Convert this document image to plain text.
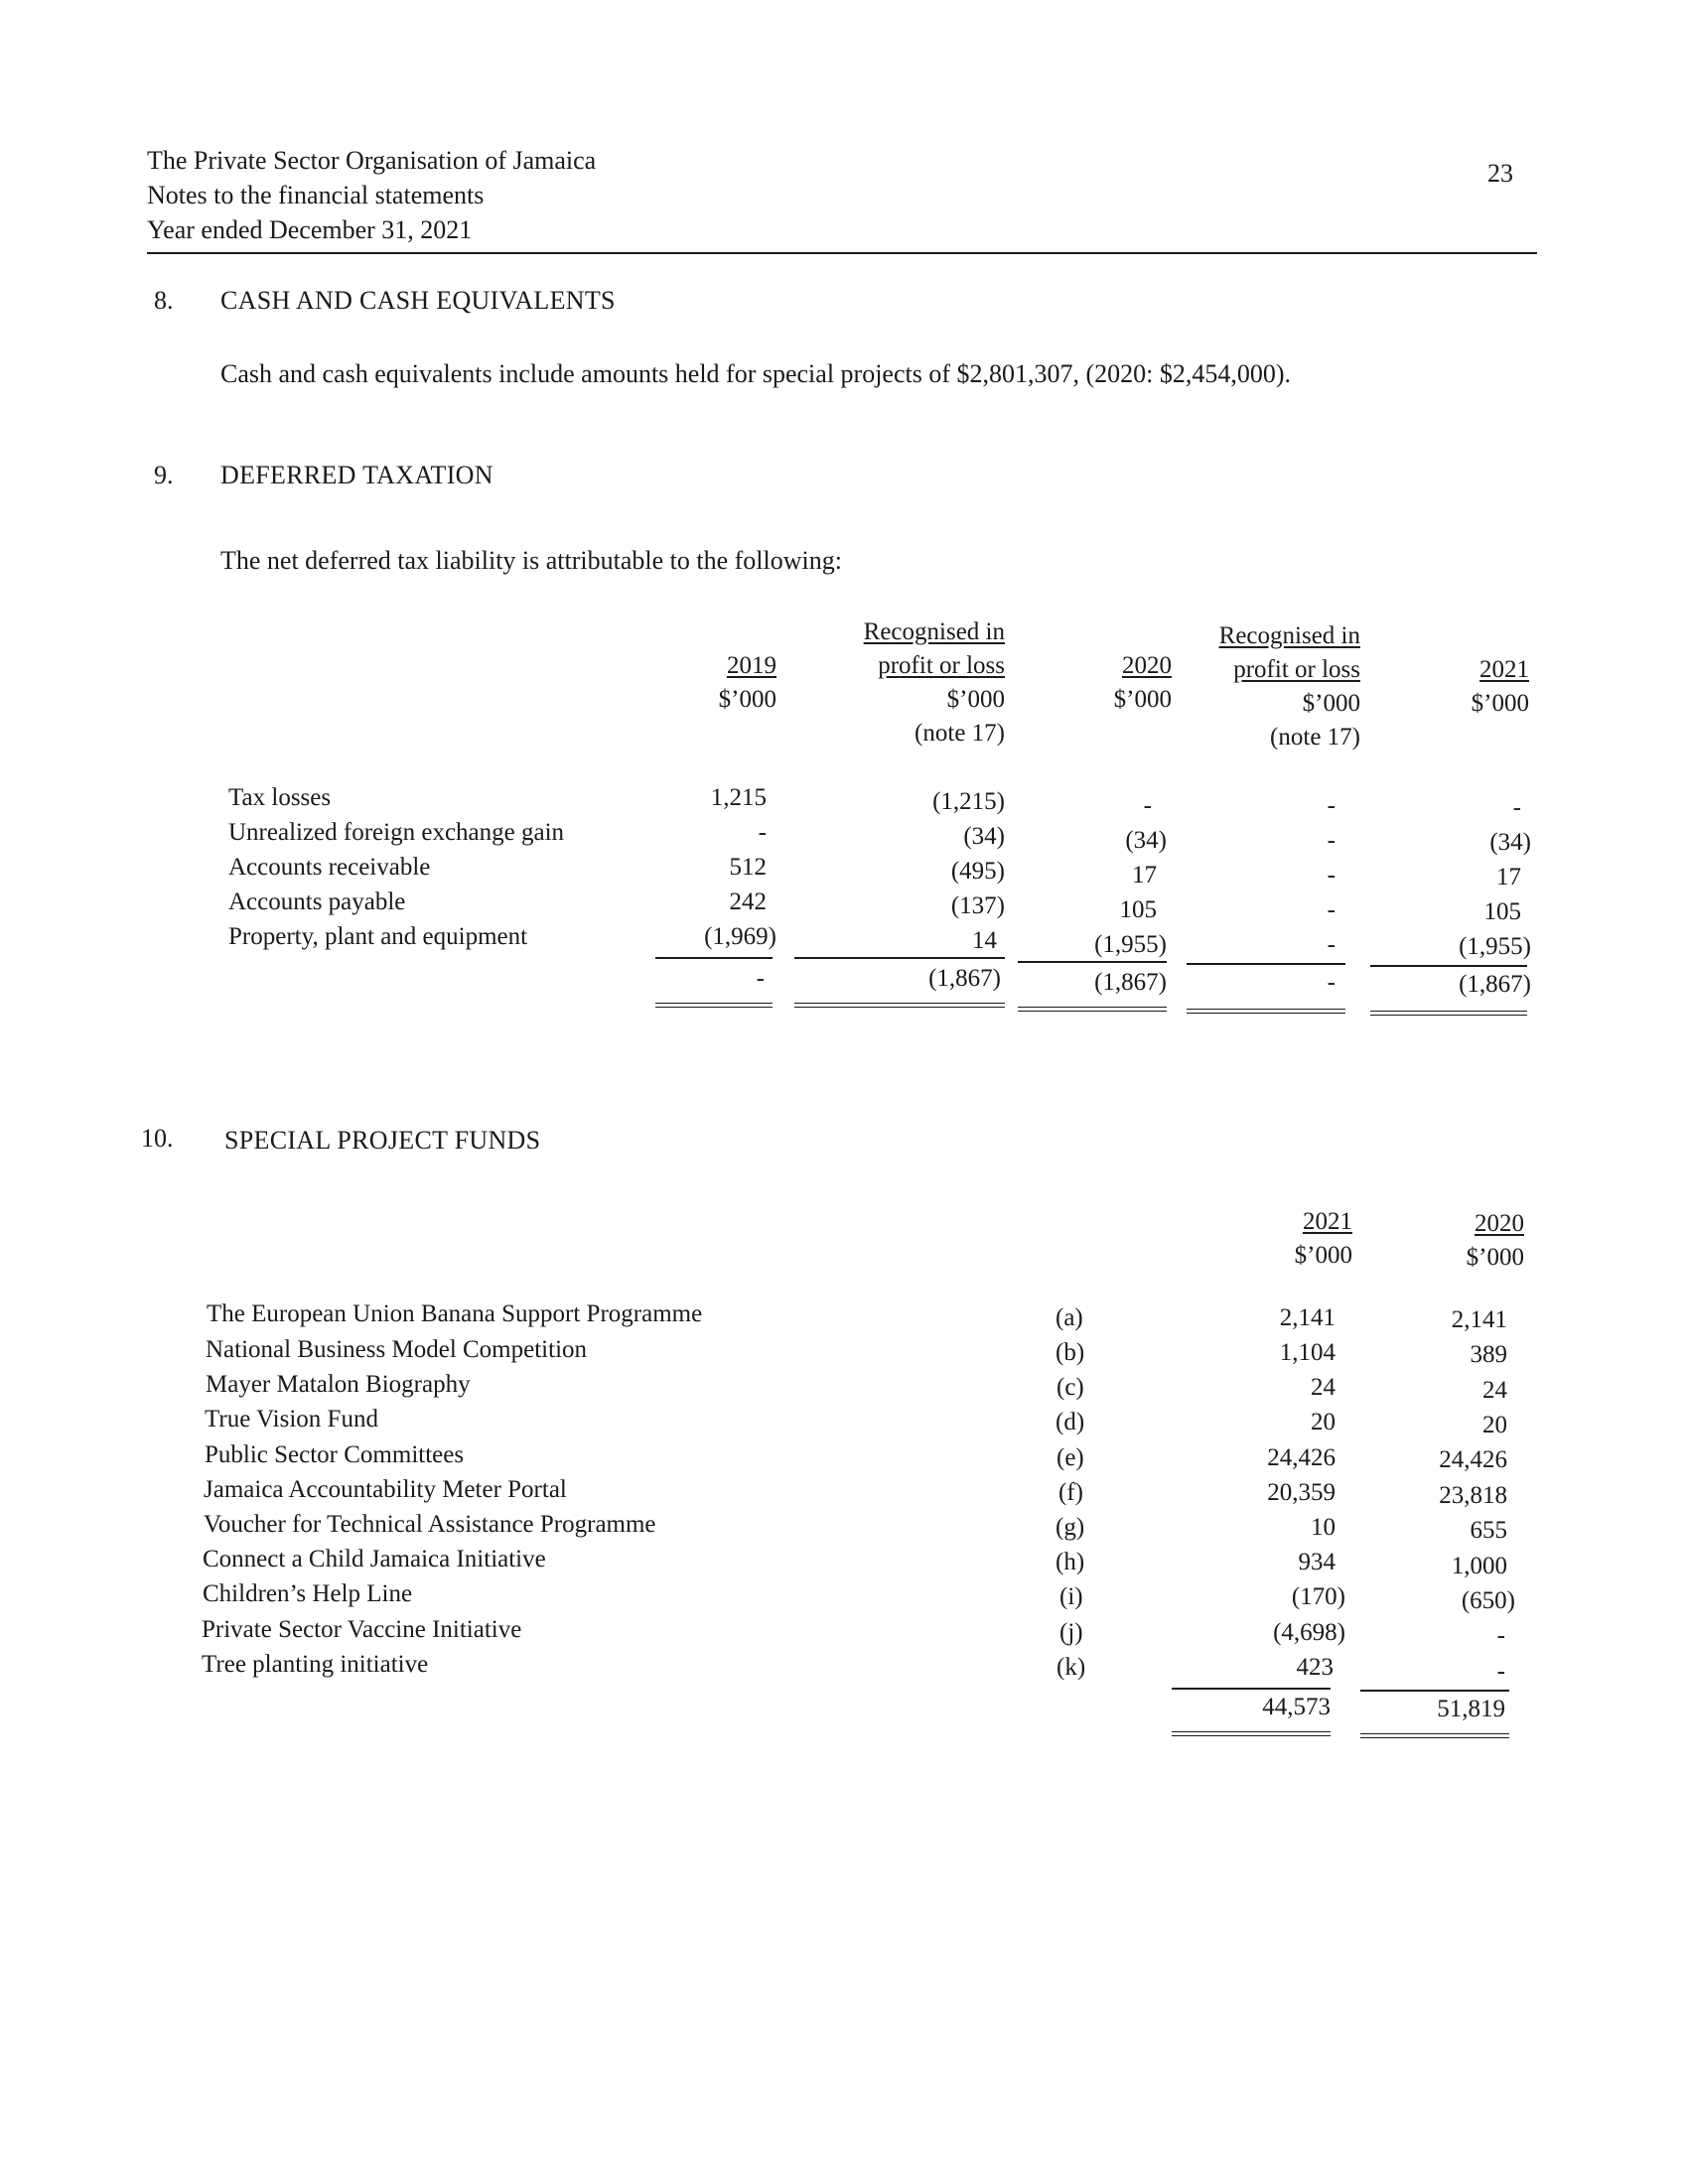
The Private Sector Organisation of Jamaica
Notes to the financial statements
Year ended December 31, 2021
23
8. CASH AND CASH EQUIVALENTS
Cash and cash equivalents include amounts held for special projects of $2,801,307, (2020: $2,454,000).
9. DEFERRED TAXATION
The net deferred tax liability is attributable to the following:
2019
$’000
Recognised in
profit or loss
$’000
(note 17)
2020
$’000
Recognised in
profit or loss
$’000
(note 17)
2021
$’000
Tax losses
Unrealized foreign exchange gain
Accounts receivable
Accounts payable
Property, plant and equipment
1,215
-
512
242
(1,969)
-
(1,215)
(34)
(495)
(137)
14
(1,867)
-
(34)
17
105
(1,955)
(1,867)
-
-
-
-
-
-
-
(34)
17
105
(1,955)
(1,867)
10. SPECIAL PROJECT FUNDS
2021
$’000
2020
$’000
The European Union Banana Support Programme
National Business Model Competition
Mayer Matalon Biography
True Vision Fund
Public Sector Committees
Jamaica Accountability Meter Portal
Voucher for Technical Assistance Programme
Connect a Child Jamaica Initiative
Children’s Help Line
Private Sector Vaccine Initiative
Tree planting initiative
(a)
(b)
(c)
(d)
(e)
(f)
(g)
(h)
(i)
(j)
(k)
2,141
1,104
24
20
24,426
20,359
10
934
(170)
(4,698)
423
44,573
2,141
389
24
20
24,426
23,818
655
1,000
(650)
-
-
51,819
